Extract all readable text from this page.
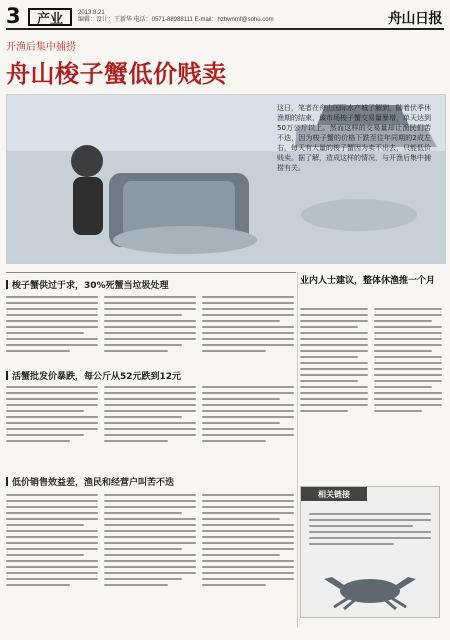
3	产业	2013.8.21
编辑：设计：王新华 电话：0571-88988111 E-mail：hzbwnmf@sohu.com	舟山日报
开渔后集中捕捞
舟山梭子蟹低价贱卖
这日，笔者在舟山国际水产城了解到，随着伏季休渔期的结束，该市场梭子蟹交易量暴增，单天达到50万公斤以上。然而这样的交易量却让渔民们苦不迭，因为梭子蟹的价格下跌至往年同期的2成左右，每天有大量的梭子蟹因为卖不出去，只能低价贱卖。据了解，造成这样的情况，与开渔后集中捕捞有关。
梭子蟹供过于求，30%死蟹当垃圾处理
活蟹批发价暴跌，每公斤从52元跌到12元
低价销售效益差，渔民和经营户叫苦不迭
业内人士建议，整体休渔推一个月
相关链接
